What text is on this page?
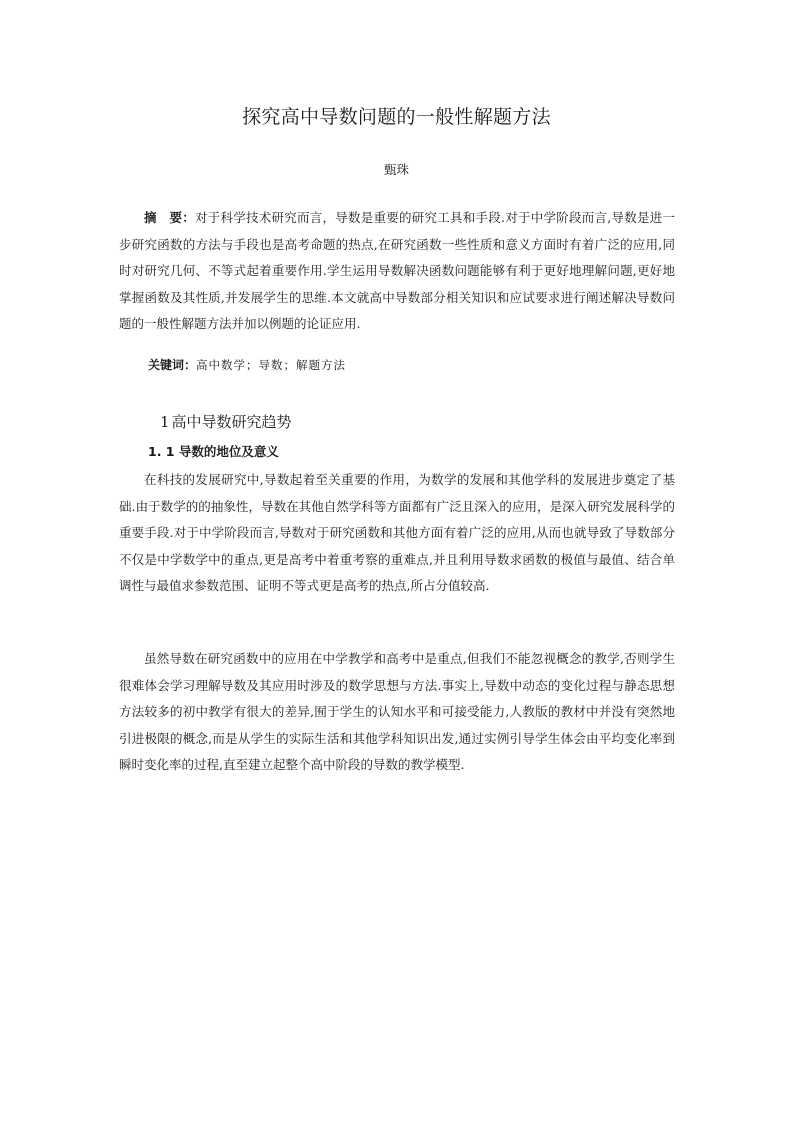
探究高中导数问题的一般性解题方法
甄珠

摘　要：对于科学技术研究而言，导数是重要的研究工具和手段.对于中学阶段而言,导数是进一步研究函数的方法与手段也是高考命题的热点,在研究函数一些性质和意义方面时有着广泛的应用,同时对研究几何、不等式起着重要作用.学生运用导数解决函数问题能够有利于更好地理解问题,更好地掌握函数及其性质,并发展学生的思维.本文就高中导数部分相关知识和应试要求进行阐述解决导数问题的一般性解题方法并加以例题的论证应用.

关键词：高中数学；导数；解题方法
1 高中导数研究趋势
1. 1 导数的地位及意义

在科技的发展研究中,导数起着至关重要的作用，为数学的发展和其他学科的发展进步奠定了基础.由于数学的的抽象性，导数在其他自然学科等方面都有广泛且深入的应用，是深入研究发展科学的重要手段.对于中学阶段而言,导数对于研究函数和其他方面有着广泛的应用,从而也就导致了导数部分不仅是中学数学中的重点,更是高考中着重考察的重难点,并且利用导数求函数的极值与最值、结合单调性与最值求参数范围、证明不等式更是高考的热点,所占分值较高.

虽然导数在研究函数中的应用在中学教学和高考中是重点,但我们不能忽视概念的教学,否则学生很难体会学习理解导数及其应用时涉及的数学思想与方法.事实上,导数中动态的变化过程与静态思想方法较多的初中教学有很大的差异,囿于学生的认知水平和可接受能力,人教版的教材中并没有突然地引进极限的概念,而是从学生的实际生活和其他学科知识出发,通过实例引导学生体会由平均变化率到瞬时变化率的过程,直至建立起整个高中阶段的导数的教学模型.
